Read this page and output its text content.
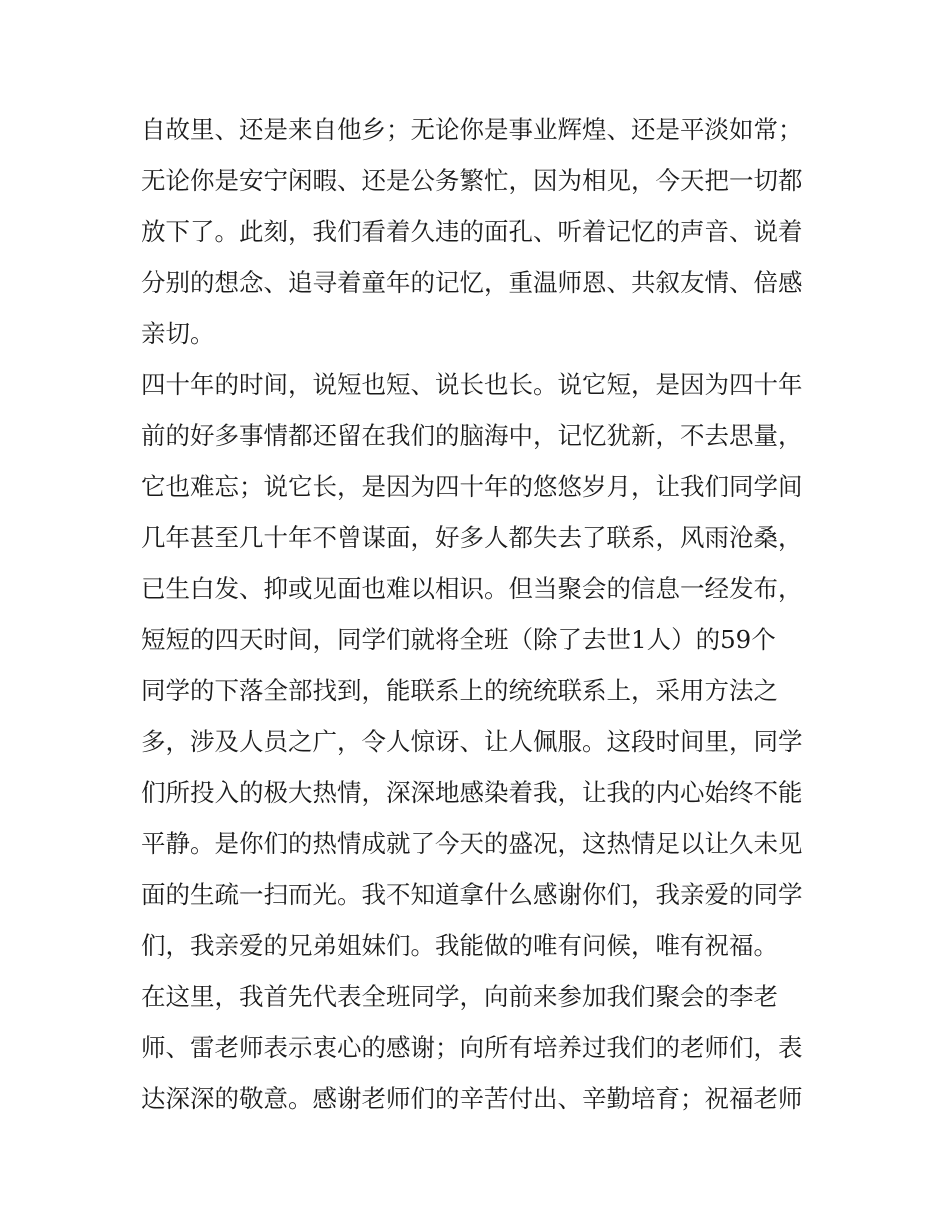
自故里、还是来自他乡；无论你是事业辉煌、还是平淡如常；
无论你是安宁闲暇、还是公务繁忙，因为相见，今天把一切都
放下了。此刻，我们看着久违的面孔、听着记忆的声音、说着
分别的想念、追寻着童年的记忆，重温师恩、共叙友情、倍感
亲切。
四十年的时间，说短也短、说长也长。说它短，是因为四十年
前的好多事情都还留在我们的脑海中，记忆犹新，不去思量，
它也难忘；说它长，是因为四十年的悠悠岁月，让我们同学间
几年甚至几十年不曾谋面，好多人都失去了联系，风雨沧桑，
已生白发、抑或见面也难以相识。但当聚会的信息一经发布，
短短的四天时间，同学们就将全班（除了去世1人）的59个
同学的下落全部找到，能联系上的统统联系上，采用方法之
多，涉及人员之广，令人惊讶、让人佩服。这段时间里，同学
们所投入的极大热情，深深地感染着我，让我的内心始终不能
平静。是你们的热情成就了今天的盛况，这热情足以让久未见
面的生疏一扫而光。我不知道拿什么感谢你们，我亲爱的同学
们，我亲爱的兄弟姐妹们。我能做的唯有问候，唯有祝福。
在这里，我首先代表全班同学，向前来参加我们聚会的李老
师、雷老师表示衷心的感谢；向所有培养过我们的老师们，表
达深深的敬意。感谢老师们的辛苦付出、辛勤培育；祝福老师
